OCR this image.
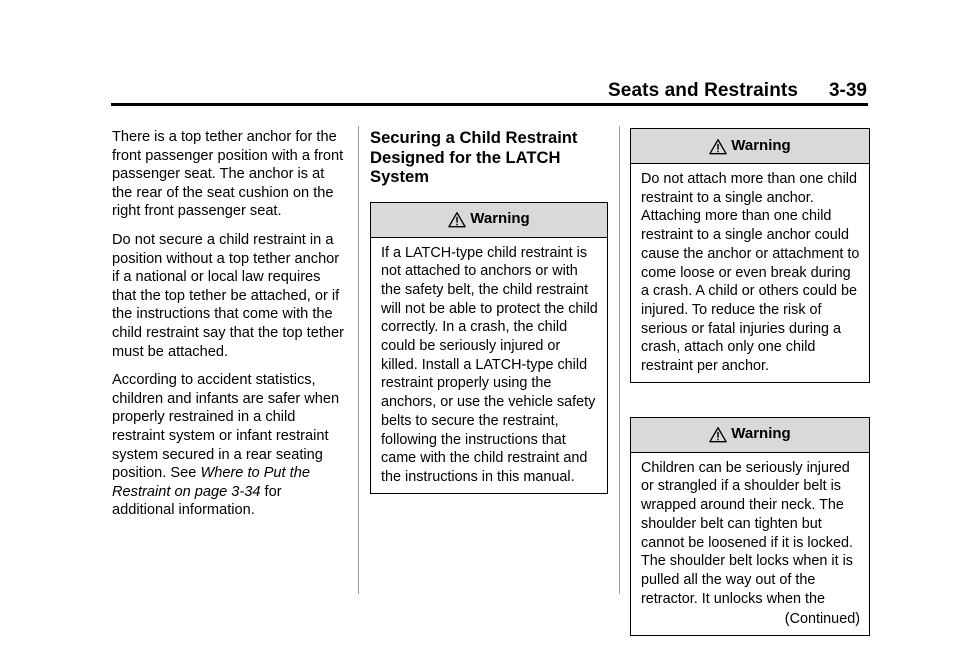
Seats and Restraints 3-39

There is a top tether anchor for the front passenger position with a front passenger seat. The anchor is at the rear of the seat cushion on the right front passenger seat.

Do not secure a child restraint in a position without a top tether anchor if a national or local law requires that the top tether be attached, or if the instructions that come with the child restraint say that the top tether must be attached.

According to accident statistics, children and infants are safer when properly restrained in a child restraint system or infant restraint system secured in a rear seating position. See Where to Put the Restraint on page 3-34 for additional information.

Securing a Child Restraint Designed for the LATCH System
Warning
If a LATCH-type child restraint is not attached to anchors or with the safety belt, the child restraint will not be able to protect the child correctly. In a crash, the child could be seriously injured or killed. Install a LATCH-type child restraint properly using the anchors, or use the vehicle safety belts to secure the restraint, following the instructions that came with the child restraint and the instructions in this manual.
Warning
Do not attach more than one child restraint to a single anchor. Attaching more than one child restraint to a single anchor could cause the anchor or attachment to come loose or even break during a crash. A child or others could be injured. To reduce the risk of serious or fatal injuries during a crash, attach only one child restraint per anchor.
Warning
Children can be seriously injured or strangled if a shoulder belt is wrapped around their neck. The shoulder belt can tighten but cannot be loosened if it is locked. The shoulder belt locks when it is pulled all the way out of the retractor. It unlocks when the
(Continued)
